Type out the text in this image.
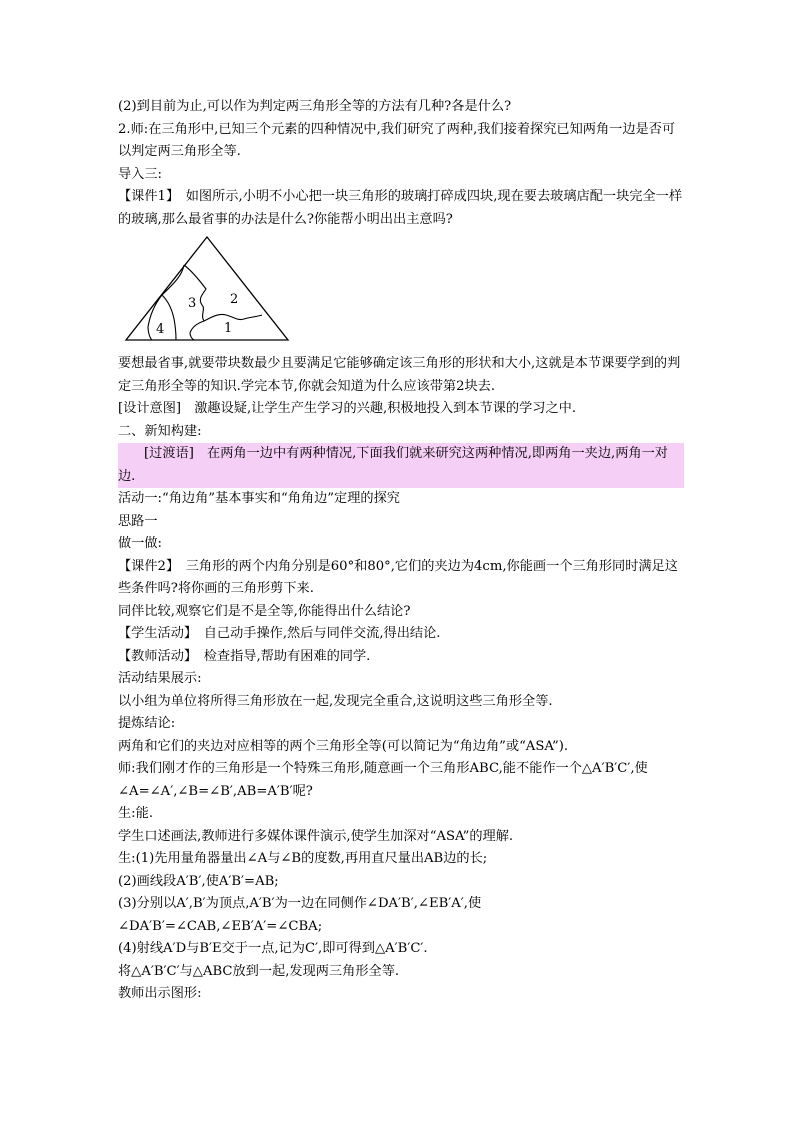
(2)到目前为止,可以作为判定两三角形全等的方法有几种?各是什么?

2.师:在三角形中,已知三个元素的四种情况中,我们研究了两种,我们接着探究已知两角一边是否可以判定两三角形全等.

导入三:

【课件1】　如图所示,小明不小心把一块三角形的玻璃打碎成四块,现在要去玻璃店配一块完全一样的玻璃,那么最省事的办法是什么?你能帮小明出出主意吗?

1
2
3
4

要想最省事,就要带块数最少且要满足它能够确定该三角形的形状和大小,这就是本节课要学到的判定三角形全等的知识.学完本节,你就会知道为什么应该带第2块去.

[设计意图]　激趣设疑,让学生产生学习的兴趣,积极地投入到本节课的学习之中.

二、新知构建:

[过渡语]　在两角一边中有两种情况,下面我们就来研究这两种情况,即两角一夹边,两角一对边.

活动一:“角边角”基本事实和“角角边”定理的探究

思路一

做一做:

【课件2】　三角形的两个内角分别是60°和80°,它们的夹边为4cm,你能画一个三角形同时满足这些条件吗?将你画的三角形剪下来.

同伴比较,观察它们是不是全等,你能得出什么结论?

【学生活动】　自己动手操作,然后与同伴交流,得出结论.

【教师活动】　检查指导,帮助有困难的同学.

活动结果展示:

以小组为单位将所得三角形放在一起,发现完全重合,这说明这些三角形全等.

提炼结论:

两角和它们的夹边对应相等的两个三角形全等(可以简记为“角边角”或“ASA”).

师:我们刚才作的三角形是一个特殊三角形,随意画一个三角形ABC,能不能作一个△A′B′C′,使∠A=∠A′,∠B=∠B′,AB=A′B′呢?

生:能.

学生口述画法,教师进行多媒体课件演示,使学生加深对“ASA”的理解.

生:(1)先用量角器量出∠A与∠B的度数,再用直尺量出AB边的长;

(2)画线段A′B′,使A′B′=AB;

(3)分别以A′,B′为顶点,A′B′为一边在同侧作∠DA′B′,∠EB′A′,使∠DA′B′=∠CAB,∠EB′A′=∠CBA;

(4)射线A′D与B′E交于一点,记为C′,即可得到△A′B′C′.

将△A′B′C′与△ABC放到一起,发现两三角形全等.

教师出示图形:
